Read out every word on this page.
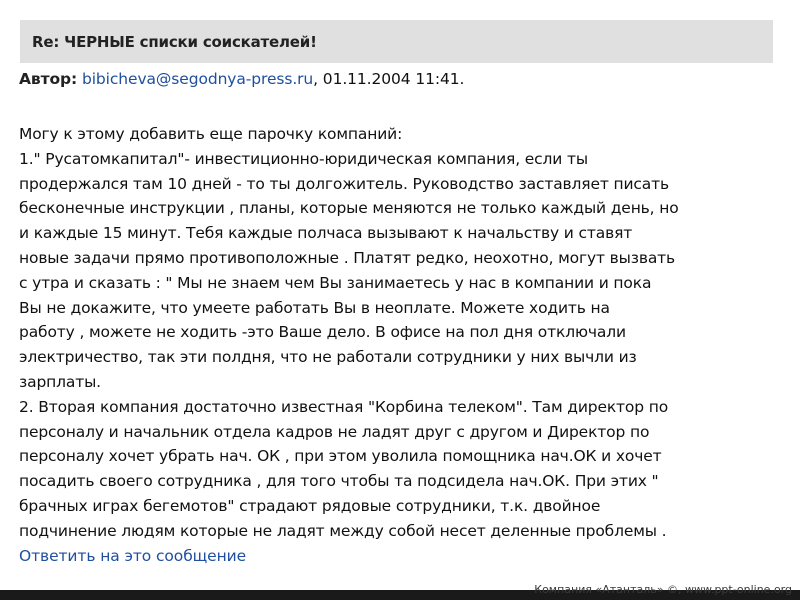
Re: ЧЕРНЫЕ списки соискателей!
Автор: bibicheva@segodnya-press.ru, 01.11.2004 11:41.
Могу к этому добавить еще парочку компаний:
1." Русатомкапитал"- инвестиционно-юридическая компания, если ты
продержался там 10 дней - то ты долгожитель. Руководство заставляет писать
бесконечные инструкции , планы, которые меняются не только каждый день, но
и каждые 15 минут. Тебя каждые полчаса вызывают к начальству и ставят
новые задачи прямо противоположные . Платят редко, неохотно, могут вызвать
с утра и сказать : " Мы не знаем чем Вы занимаетесь у нас в компании и пока
Вы не докажите, что умеете работать Вы в неоплате. Можете ходить на
работу , можете не ходить -это Ваше дело. В офисе на пол дня отключали
электричество, так эти полдня, что не работали сотрудники у них вычли из
зарплаты.
2. Вторая компания достаточно известная "Корбина телеком". Там директор по
персоналу и начальник отдела кадров не ладят друг с другом и Директор по
персоналу хочет убрать нач. ОК , при этом уволила помощника нач.ОК и хочет
посадить своего сотрудника , для того чтобы та подсидела нач.ОК. При этих "
брачных играх бегемотов" страдают рядовые сотрудники, т.к. двойное
подчинение людям которые не ладят между собой несет деленные проблемы .
Ответить на это сообщение
Компания «Атанталь» ©, www.ppt-online.org
